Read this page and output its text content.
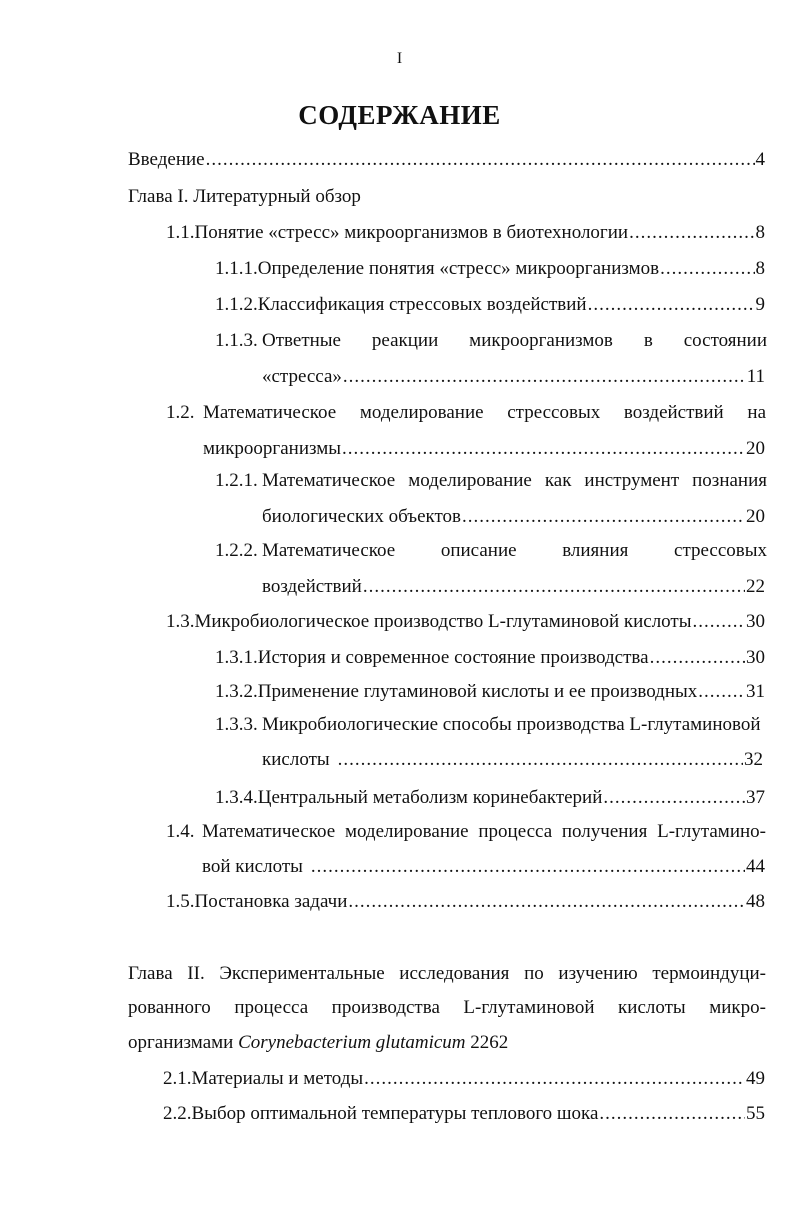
I
СОДЕРЖАНИЕ
Введение .....	4
Глава I. Литературный обзор
1.1. Понятие «стресс» микроорганизмов в биотехнологии .....	8
1.1.1. Определение понятия «стресс» микроорганизмов .....	8
1.1.2. Классификация стрессовых воздействий .....	9
1.1.3. Ответные реакции микроорганизмов в состоянии
«стресса» .....	11
1.2. Математическое моделирование стрессовых воздействий на
микроорганизмы .....	20
1.2.1. Математическое моделирование как инструмент познания
биологических объектов .....	20
1.2.2. Математическое описание влияния стрессовых
воздействий .....	22
1.3. Микробиологическое производство L-глутаминовой кислоты .....	30
1.3.1. История и современное состояние производства .....	30
1.3.2. Применение глутаминовой кислоты и ее производных .....	31
1.3.3. Микробиологические способы производства L-глутаминовой
кислоты .....	32
1.3.4. Центральный метаболизм коринебактерий .....	37
1.4. Математическое моделирование процесса получения L-глутамино-
вой кислоты .....	44
1.5. Постановка задачи .....	48
Глава II. Экспериментальные исследования по изучению термоиндуци-
рованного процесса производства L-глутаминовой кислоты микро-
организмами Corynebacterium glutamicum 2262
2.1. Материалы и методы .....	49
2.2. Выбор оптимальной температуры теплового шока .....	55
